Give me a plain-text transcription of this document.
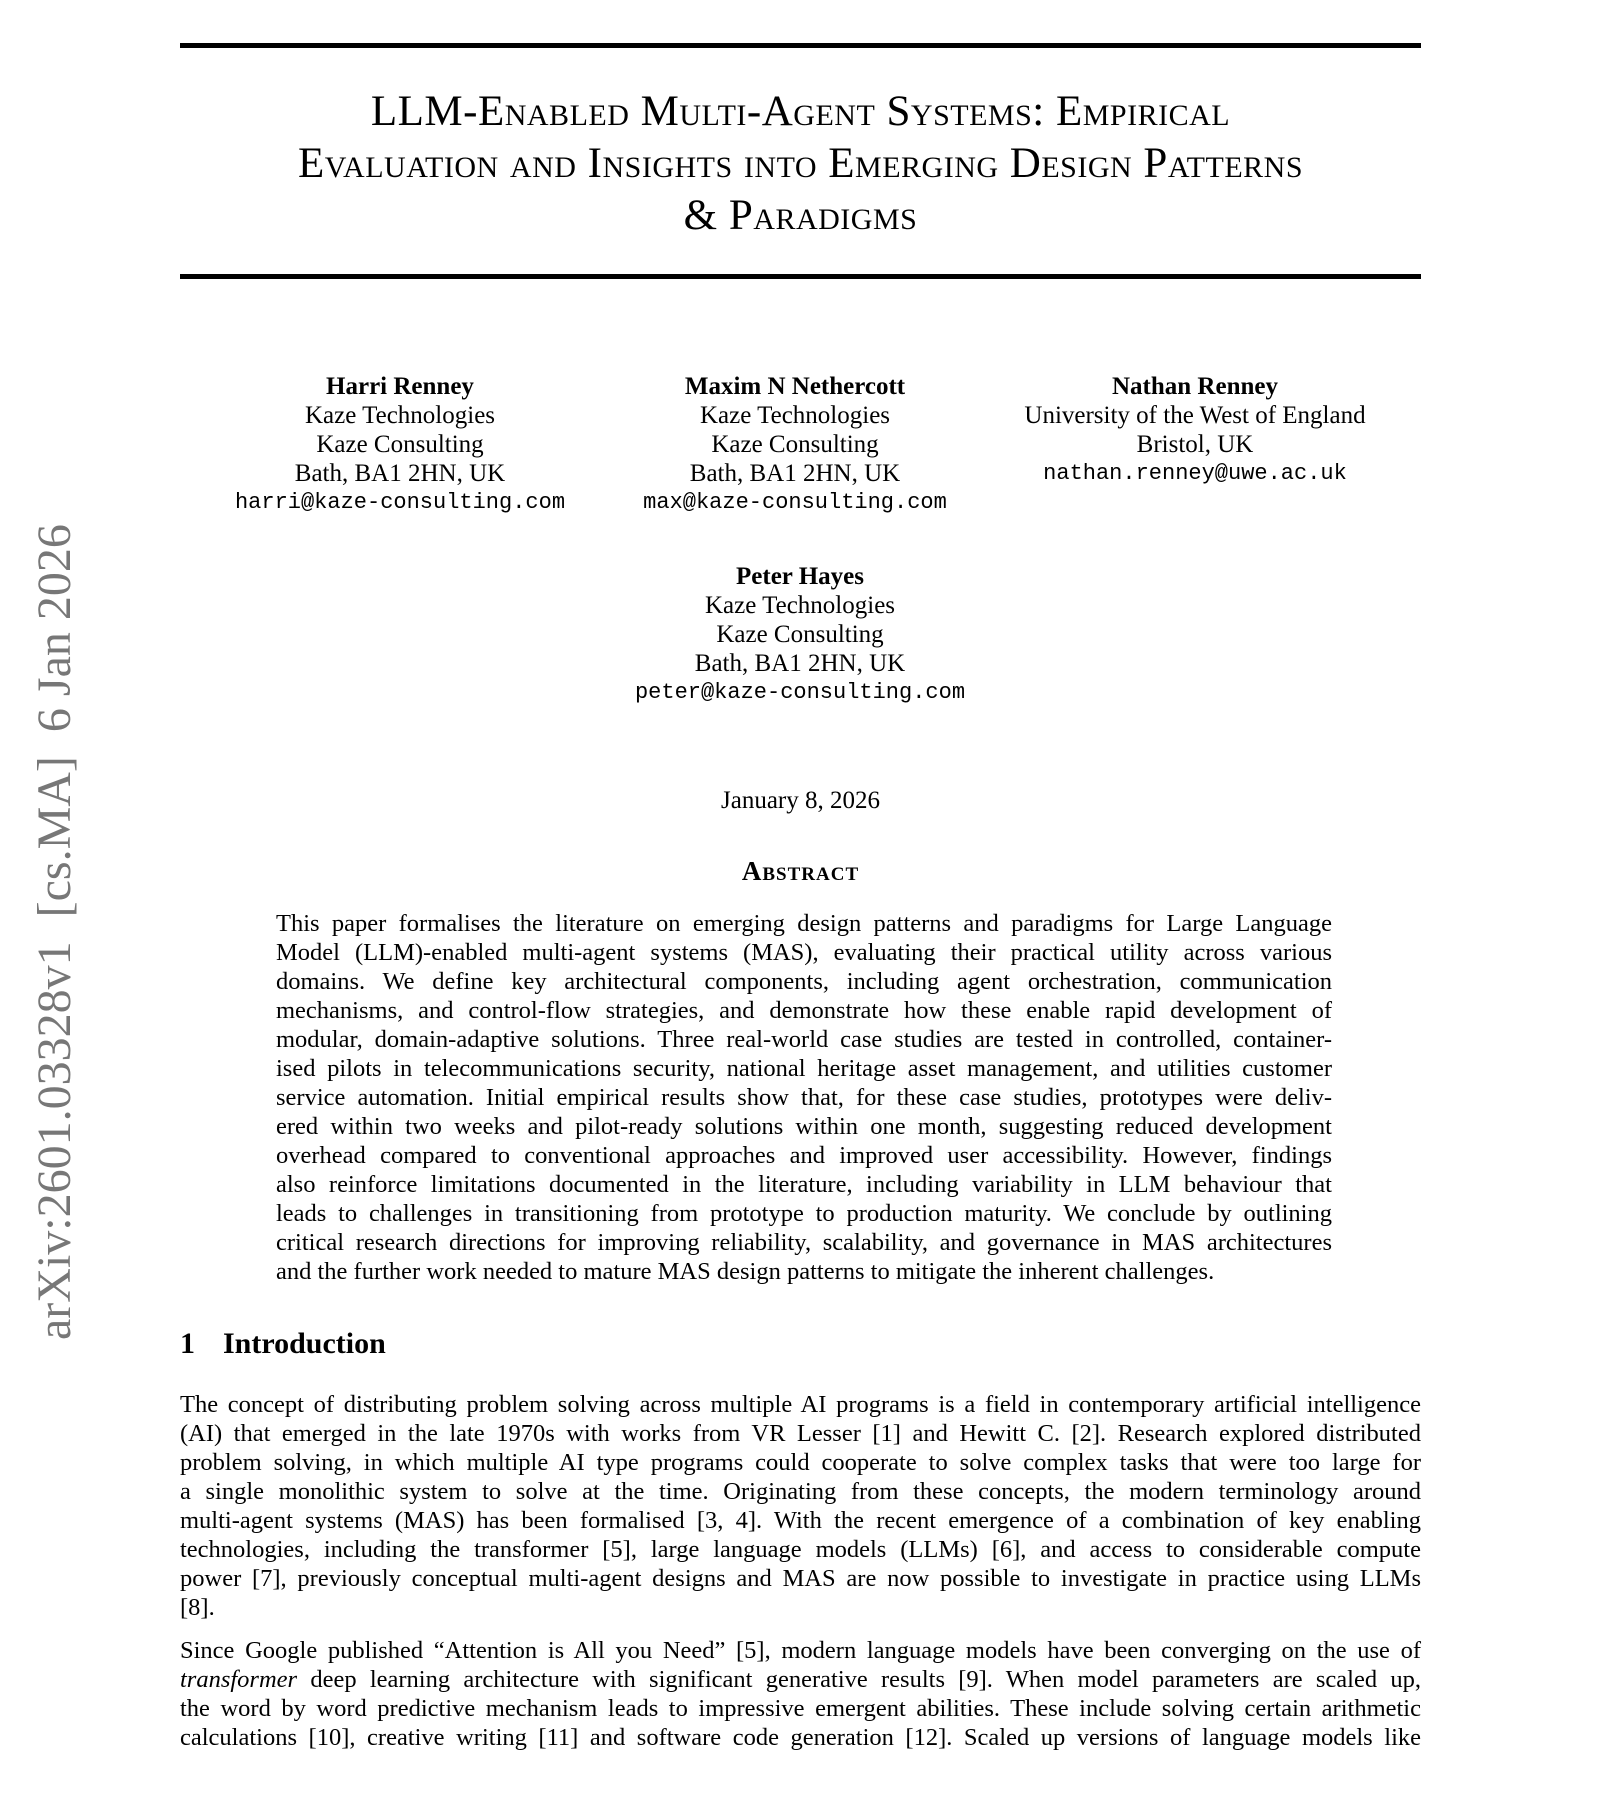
arXiv:2601.03328v1[cs.MA]6 Jan 2026
LLM-Enabled Multi-Agent Systems: Empirical
Evaluation and Insights into Emerging Design Patterns
& Paradigms
Harri Renney
Kaze Technologies
Kaze Consulting
Bath, BA1 2HN, UK
harri@kaze-consulting.com
Maxim N Nethercott
Kaze Technologies
Kaze Consulting
Bath, BA1 2HN, UK
max@kaze-consulting.com
Nathan Renney
University of the West of England
Bristol, UK
nathan.renney@uwe.ac.uk
Peter Hayes
Kaze Technologies
Kaze Consulting
Bath, BA1 2HN, UK
peter@kaze-consulting.com
January 8, 2026
Abstract
This paper formalises the literature on emerging design patterns and paradigms for Large Language
Model (LLM)-enabled multi-agent systems (MAS), evaluating their practical utility across various
domains. We define key architectural components, including agent orchestration, communication
mechanisms, and control-flow strategies, and demonstrate how these enable rapid development of
modular, domain-adaptive solutions. Three real-world case studies are tested in controlled, container-
ised pilots in telecommunications security, national heritage asset management, and utilities customer
service automation. Initial empirical results show that, for these case studies, prototypes were deliv-
ered within two weeks and pilot-ready solutions within one month, suggesting reduced development
overhead compared to conventional approaches and improved user accessibility. However, findings
also reinforce limitations documented in the literature, including variability in LLM behaviour that
leads to challenges in transitioning from prototype to production maturity. We conclude by outlining
critical research directions for improving reliability, scalability, and governance in MAS architectures
and the further work needed to mature MAS design patterns to mitigate the inherent challenges.
1 Introduction
The concept of distributing problem solving across multiple AI programs is a field in contemporary artificial intelligence
(AI) that emerged in the late 1970s with works from VR Lesser [1] and Hewitt C. [2]. Research explored distributed
problem solving, in which multiple AI type programs could cooperate to solve complex tasks that were too large for
a single monolithic system to solve at the time. Originating from these concepts, the modern terminology around
multi-agent systems (MAS) has been formalised [3, 4]. With the recent emergence of a combination of key enabling
technologies, including the transformer [5], large language models (LLMs) [6], and access to considerable compute
power [7], previously conceptual multi-agent designs and MAS are now possible to investigate in practice using LLMs
[8].
Since Google published “Attention is All you Need” [5], modern language models have been converging on the use of
transformer deep learning architecture with significant generative results [9]. When model parameters are scaled up,
the word by word predictive mechanism leads to impressive emergent abilities. These include solving certain arithmetic
calculations [10], creative writing [11] and software code generation [12]. Scaled up versions of language models like
